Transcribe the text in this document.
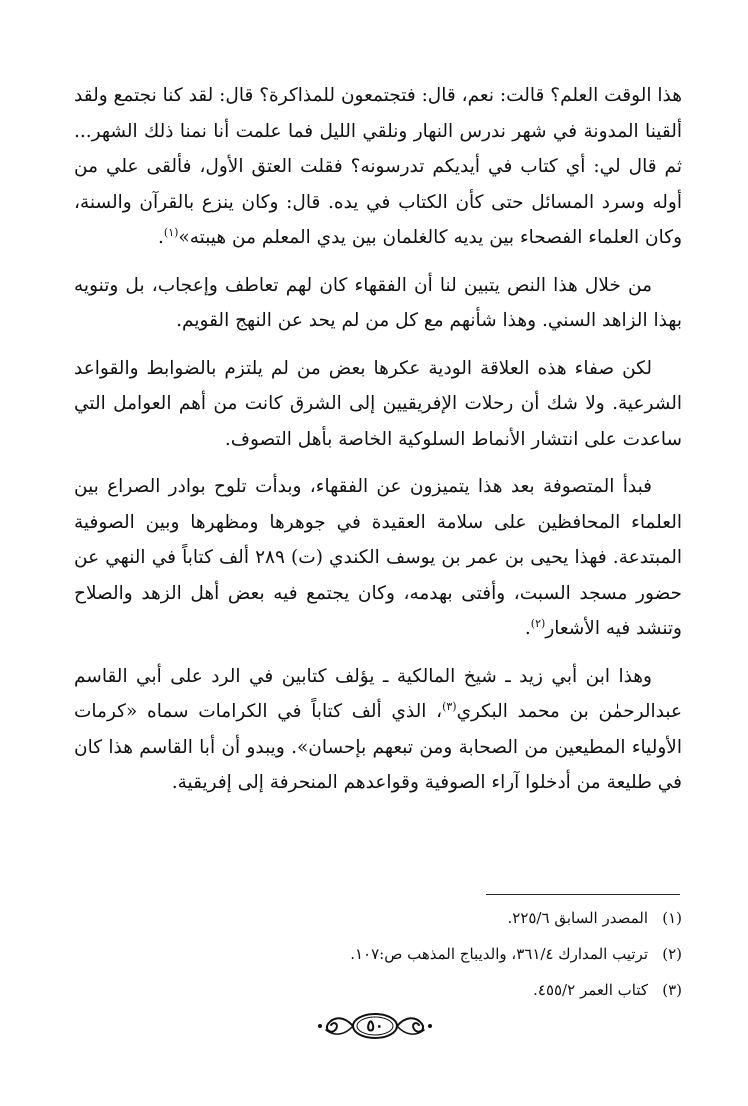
هذا الوقت العلم؟ قالت: نعم، قال: فتجتمعون للمذاكرة؟ قال: لقد كنا نجتمع ولقد ألقينا المدونة في شهر ندرس النهار ونلقي الليل فما علمت أنا نمنا ذلك الشهر... ثم قال لي: أي كتاب في أيديكم تدرسونه؟ فقلت العتق الأول، فألقى علي من أوله وسرد المسائل حتى كأن الكتاب في يده. قال: وكان ينزع بالقرآن والسنة، وكان العلماء الفصحاء بين يديه كالغلمان بين يدي المعلم من هيبته»$^{(١)}$.

من خلال هذا النص يتبين لنا أن الفقهاء كان لهم تعاطف وإعجاب، بل وتنويه بهذا الزاهد السني. وهذا شأنهم مع كل من لم يحد عن النهج القويم.

لكن صفاء هذه العلاقة الودية عكرها بعض من لم يلتزم بالضوابط والقواعد الشرعية. ولا شك أن رحلات الإفريقيين إلى الشرق كانت من أهم العوامل التي ساعدت على انتشار الأنماط السلوكية الخاصة بأهل التصوف.

فبدأ المتصوفة بعد هذا يتميزون عن الفقهاء، وبدأت تلوح بوادر الصراع بين العلماء المحافظين على سلامة العقيدة في جوهرها ومظهرها وبين الصوفية المبتدعة. فهذا يحيى بن عمر بن يوسف الكندي (ت) ٢٨٩ ألف كتاباً في النهي عن حضور مسجد السبت، وأفتى بهدمه، وكان يجتمع فيه بعض أهل الزهد والصلاح وتنشد فيه الأشعار$^{(٢)}$.

وهذا ابن أبي زيد ـ شيخ المالكية ـ يؤلف كتابين في الرد على أبي القاسم عبدالرحمٰن بن محمد البكري$^{(٣)}$، الذي ألف كتاباً في الكرامات سماه «كرمات الأولياء المطيعين من الصحابة ومن تبعهم بإحسان». ويبدو أن أبا القاسم هذا كان في طليعة من أدخلوا آراء الصوفية وقواعدهم المنحرفة إلى إفريقية.

(١)المصدر السابق ٢٢٥/٦.
(٢)ترتيب المدارك ٣٦١/٤، والديباج المذهب ص:١٠٧.
(٣)كتاب العمر ٤٥٥/٢.
٥٠
